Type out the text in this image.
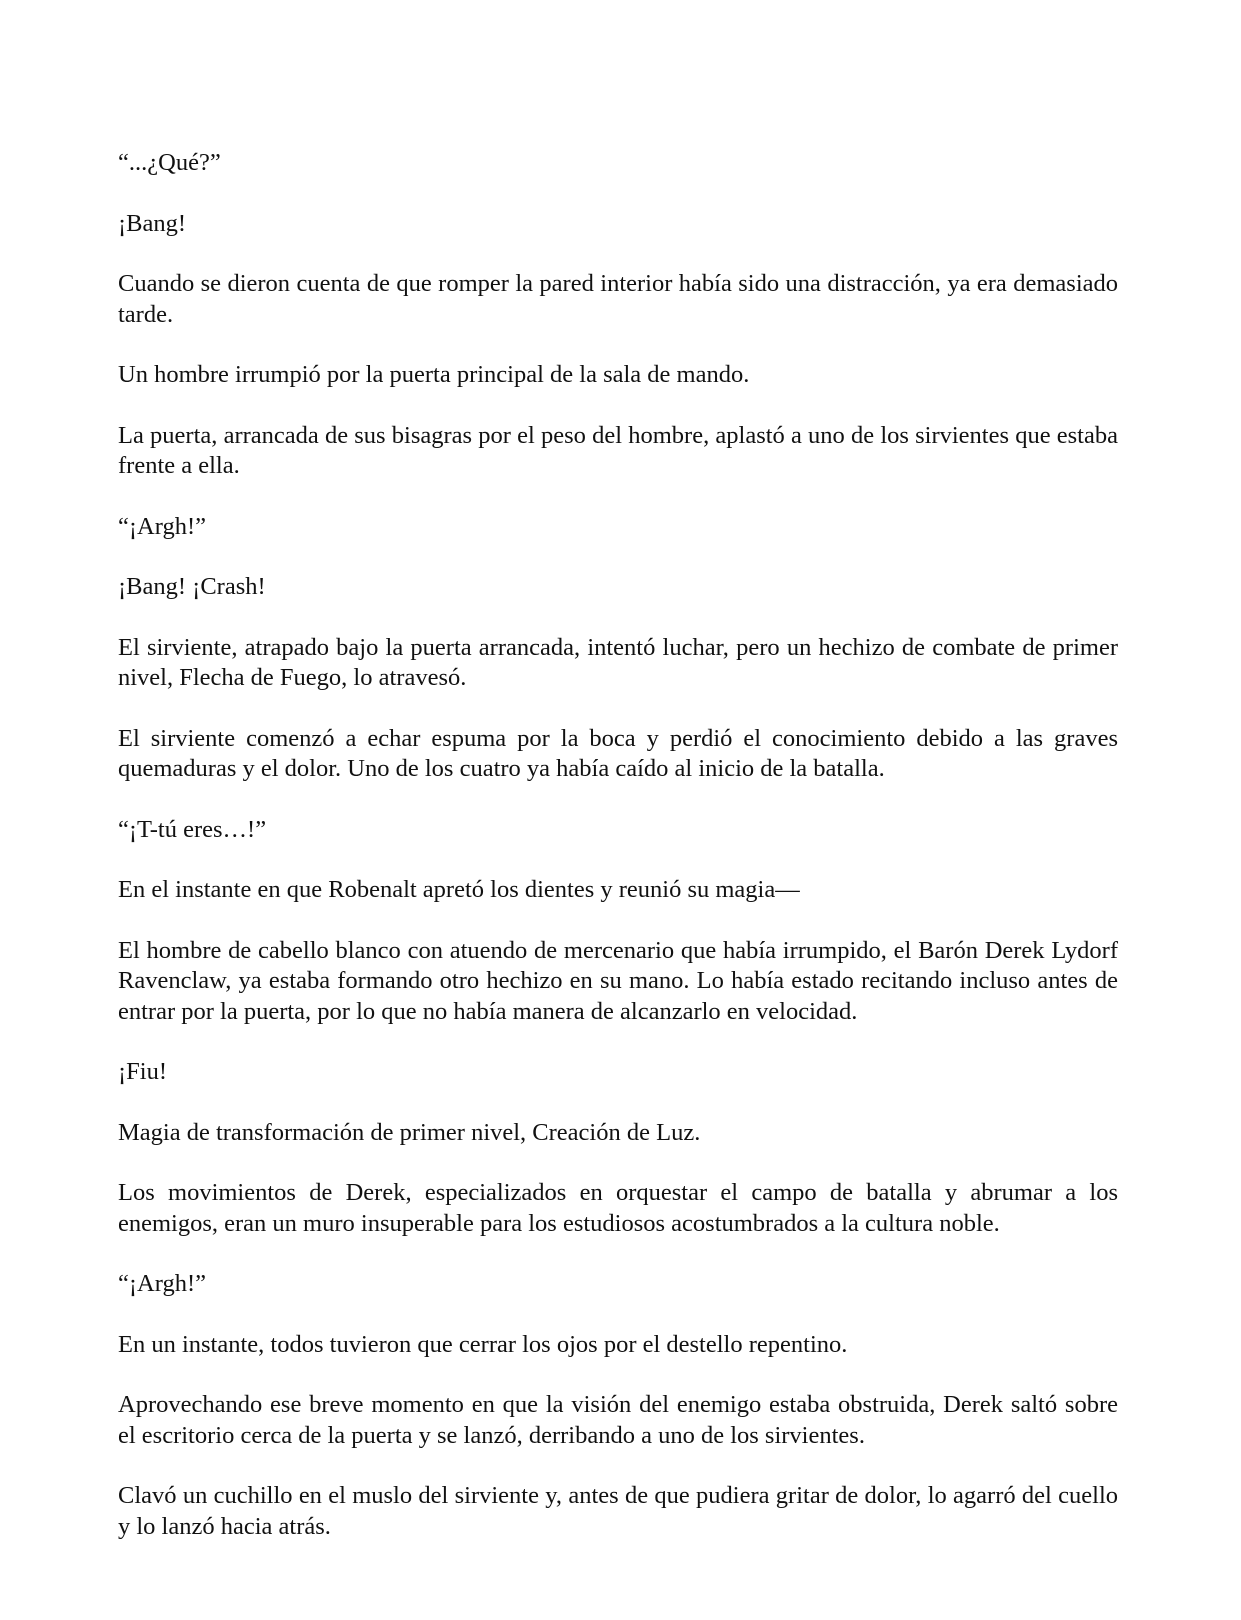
“...¿Qué?”

¡Bang!

Cuando se dieron cuenta de que romper la pared interior había sido una distracción, ya era demasiado tarde.

Un hombre irrumpió por la puerta principal de la sala de mando.

La puerta, arrancada de sus bisagras por el peso del hombre, aplastó a uno de los sirvientes que estaba frente a ella.

“¡Argh!”

¡Bang! ¡Crash!

El sirviente, atrapado bajo la puerta arrancada, intentó luchar, pero un hechizo de combate de primer nivel, Flecha de Fuego, lo atravesó.

El sirviente comenzó a echar espuma por la boca y perdió el conocimiento debido a las graves quemaduras y el dolor. Uno de los cuatro ya había caído al inicio de la batalla.

“¡T-tú eres…!”

En el instante en que Robenalt apretó los dientes y reunió su magia—

El hombre de cabello blanco con atuendo de mercenario que había irrumpido, el Barón Derek Lydorf Ravenclaw, ya estaba formando otro hechizo en su mano. Lo había estado recitando incluso antes de entrar por la puerta, por lo que no había manera de alcanzarlo en velocidad.

¡Fiu!

Magia de transformación de primer nivel, Creación de Luz.

Los movimientos de Derek, especializados en orquestar el campo de batalla y abrumar a los enemigos, eran un muro insuperable para los estudiosos acostumbrados a la cultura noble.

“¡Argh!”

En un instante, todos tuvieron que cerrar los ojos por el destello repentino.

Aprovechando ese breve momento en que la visión del enemigo estaba obstruida, Derek saltó sobre el escritorio cerca de la puerta y se lanzó, derribando a uno de los sirvientes.

Clavó un cuchillo en el muslo del sirviente y, antes de que pudiera gritar de dolor, lo agarró del cuello y lo lanzó hacia atrás.
